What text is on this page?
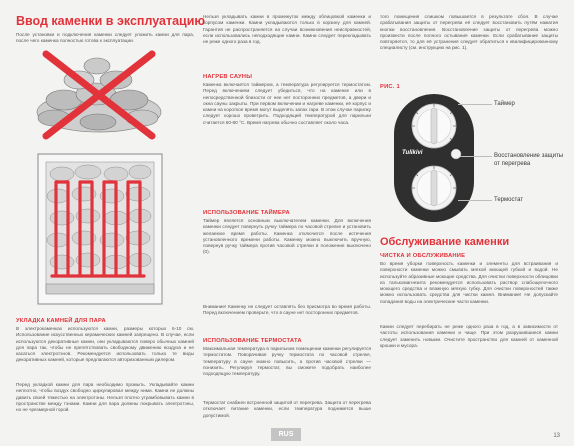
Ввод каменки в эксплуатацию
После установки и подключения каменки следует уложить камни для пара, после чего каменка полностью готова к эксплуатации.
УКЛАДКА КАМНЕЙ ДЛЯ ПАРА
В электрокаменках используются камни, размеры которых 6-10 см. Использование искусственных керамических камней запрещено. В случае, если используются декоративные камни, они укладываются поверх обычных камней для пара так, чтобы не препятствовать свободному движению воздуха и не касаться электротэнов. Рекомендуется использовать только те виды декоративных камней, которые предлагаются авторизованным дилером.
Перед укладкой камни для пара необходимо промыть. Укладывайте камни неплотно, чтобы воздух свободно циркулировал между ними. Камни не должны давить своей тяжестью на электротэны. Нельзя плотно утрамбовывать камни в пространстве между тэнами. Камни для пара должны покрывать электротэны, но не чрезмерной горой.
Нельзя укладывать камни в промежуток между облицовкой каменки и корпусом каменки. Камни укладываются только в корзину для камней. Гарантия не распространяется на случаи возникновения неисправностей, если использовались неподходящие камни. Камни следует перекладывать не реже одного раза в год.
НАГРЕВ САУНЫ
Каменка включается таймером, а температура регулируется термостатом. Перед включением следует убедиться, что на каменке или в непосредственной близости от нее нет посторонних предметов, а двери и окна сауны закрыты. При первом включении и нагреве каменки, её корпус и камни на короткое время могут выделять запах гари. В этом случае парилку следует хорошо проветрить. Подходящей температурой для парильни считается 60-80 °C. Время нагрева обычно составляет около часа.
ИСПОЛЬЗОВАНИЕ ТАЙМЕРА
Таймер является основным выключателем каменки. Для включения каменки следует повернуть ручку таймера по часовой стрелке и установить желаемое время работы. Каменка отключится после истечения установленного времени работы. Каменку можно выключить вручную, повернув ручку таймера против часовой стрелки в положение выключено (0).
Внимание! Каменку не следует оставлять без присмотра во время работы. Перед включением проверьте, что в сауне нет посторонних предметов.
ИСПОЛЬЗОВАНИЕ ТЕРМОСТАТА
Максимальная температура в парильном помещении каменки регулируется термостатом. Поворачивая ручку термостата по часовой стрелке, температуру в сауне можно повысить, а против часовой стрелки — понизить. Регулируя термостат, вы сможете подобрать наиболее подходящую температуру.
Термостат снабжен встроенной защитой от перегрева. Защита от перегрева отключает питание каменки, если температура поднимется выше допустимой.
того помещения слишком повышается в результате сбоя. В случае срабатывания защиты от перегрева её следует восстановить путём нажатия кнопки восстановления. Восстановление защиты от перегрева можно произвести после полного остывания каменки. Если срабатывание защиты повторяется, то для её устранения следует обратиться к квалифицированному специалисту (см. инструкцию на рис. 1).
РИС. 1
Tulikivi
Таймер
Восстановление защиты от перегрева
Термостат
Обслуживание каменки
ЧИСТКА И ОБСЛУЖИВАНИЕ
Во время уборки поверхность каменки и элементы для встраивания и поверхности каменки можно смывать мягкой моющей губкой и водой. Не используйте абразивные моющие средства. Для очистки поверхности облицовки из талькомагнезита рекомендуется использовать раствор слабощелочного моющего средства и влажную мягкую губку. Для очистки поверхностей также можно использовать средства для чистки камня. Внимание! Не допускайте попадания воды на электрические части каменки.
Камни следует перебирать не реже одного раза в год, а в зависимости от частоты использования каменки и чаще. При этом разрушившиеся камни следует заменить новыми. Очистите пространство для камней от каменной крошки и мусора.
RUS	13
